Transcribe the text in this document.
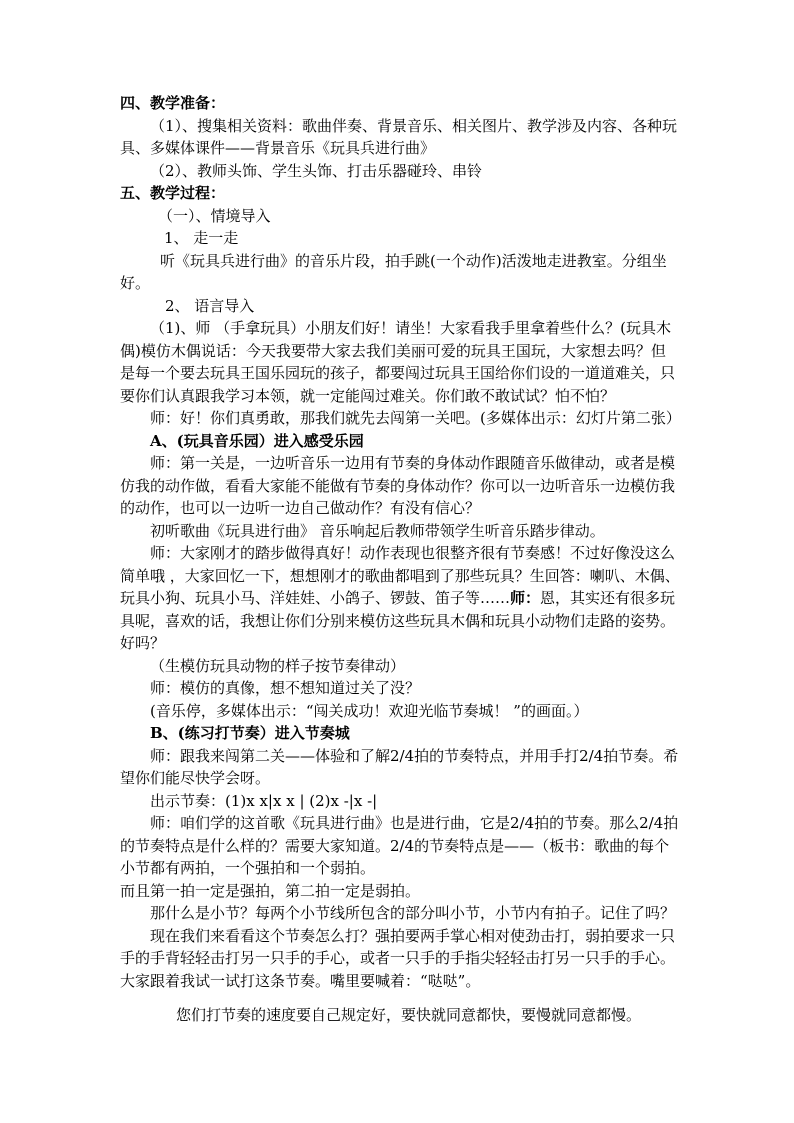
四、教学准备：

（1）、搜集相关资料：歌曲伴奏、背景音乐、相关图片、教学涉及内容、各种玩具、多媒体课件——背景音乐《玩具兵进行曲》

（2）、教师头饰、学生头饰、打击乐器碰玲、串铃

五、教学过程：

（一）、情境导入

1、 走一走

听《玩具兵进行曲》的音乐片段，拍手跳(一个动作)活泼地走进教室。分组坐好。

2、 语言导入

（1)、师 （手拿玩具）小朋友们好！请坐！大家看我手里拿着些什么？(玩具木偶)模仿木偶说话：今天我要带大家去我们美丽可爱的玩具王国玩，大家想去吗？但是每一个要去玩具王国乐园玩的孩子，都要闯过玩具王国给你们设的一道道难关，只要你们认真跟我学习本领，就一定能闯过难关。你们敢不敢试试？怕不怕？

师：好！你们真勇敢，那我们就先去闯第一关吧。(多媒体出示：幻灯片第二张）

A、(玩具音乐园）进入感受乐园

师：第一关是，一边听音乐一边用有节奏的身体动作跟随音乐做律动，或者是模仿我的动作做，看看大家能不能做有节奏的身体动作？你可以一边听音乐一边模仿我的动作，也可以一边听一边自己做动作？有没有信心？

初听歌曲《玩具进行曲》 音乐响起后教师带领学生听音乐踏步律动。

师：大家刚才的踏步做得真好！动作表现也很整齐很有节奏感！不过好像没这么简单哦 ，大家回忆一下，想想刚才的歌曲都唱到了那些玩具？生回答：喇叭、木偶、玩具小狗、玩具小马、洋娃娃、小鸽子、锣鼓、笛子等……师：恩，其实还有很多玩具呢，喜欢的话，我想让你们分别来模仿这些玩具木偶和玩具小动物们走路的姿势。好吗？

（生模仿玩具动物的样子按节奏律动）

师：模仿的真像，想不想知道过关了没？

(音乐停，多媒体出示：“闯关成功！欢迎光临节奏城！ ”的画面。）

B、(练习打节奏）进入节奏城

师：跟我来闯第二关——体验和了解2/4拍的节奏特点，并用手打2/4拍节奏。希望你们能尽快学会呀。

出示节奏：(1)x x|x x | (2)x -|x -|

师：咱们学的这首歌《玩具进行曲》也是进行曲，它是2/4拍的节奏。那么2/4拍的节奏特点是什么样的？需要大家知道。2/4的节奏特点是——（板书：歌曲的每个小节都有两拍，一个强拍和一个弱拍。

而且第一拍一定是强拍，第二拍一定是弱拍。

那什么是小节？每两个小节线所包含的部分叫小节，小节内有拍子。记住了吗？

现在我们来看看这个节奏怎么打？强拍要两手掌心相对使劲击打，弱拍要求一只手的手背轻轻击打另一只手的手心，或者一只手的手指尖轻轻击打另一只手的手心。大家跟着我试一试打这条节奏。嘴里要喊着：“哒哒”。

您们打节奏的速度要自己规定好，要快就同意都快，要慢就同意都慢。
